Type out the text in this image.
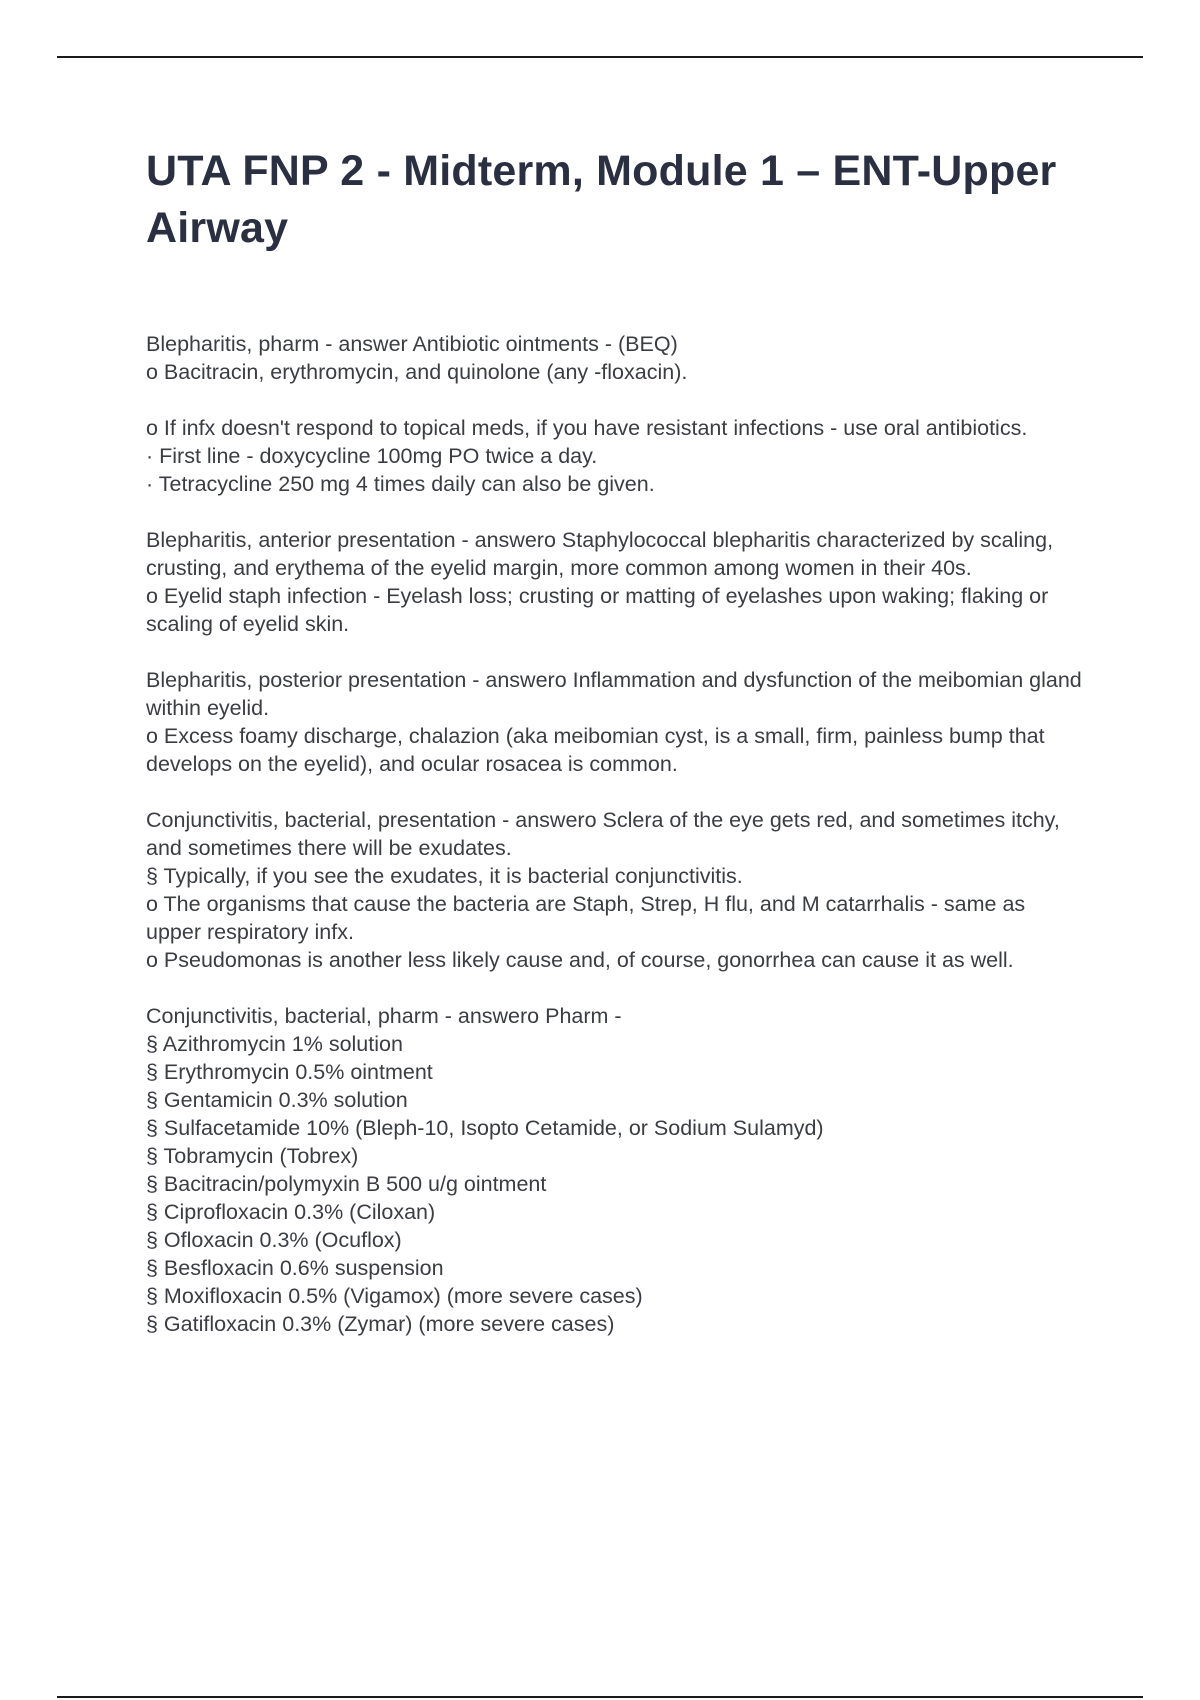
UTA FNP 2 - Midterm, Module 1 – ENT-Upper Airway
Blepharitis, pharm - answer Antibiotic ointments - (BEQ)
o Bacitracin, erythromycin, and quinolone (any -floxacin).
o If infx doesn't respond to topical meds, if you have resistant infections - use oral antibiotics.
· First line - doxycycline 100mg PO twice a day.
· Tetracycline 250 mg 4 times daily can also be given.
Blepharitis, anterior presentation - answero Staphylococcal blepharitis characterized by scaling, crusting, and erythema of the eyelid margin, more common among women in their 40s.
o Eyelid staph infection - Eyelash loss; crusting or matting of eyelashes upon waking; flaking or scaling of eyelid skin.
Blepharitis, posterior presentation - answero Inflammation and dysfunction of the meibomian gland within eyelid.
o Excess foamy discharge, chalazion (aka meibomian cyst, is a small, firm, painless bump that develops on the eyelid), and ocular rosacea is common.
Conjunctivitis, bacterial, presentation - answero Sclera of the eye gets red, and sometimes itchy, and sometimes there will be exudates.
§ Typically, if you see the exudates, it is bacterial conjunctivitis.
o The organisms that cause the bacteria are Staph, Strep, H flu, and M catarrhalis - same as upper respiratory infx.
o Pseudomonas is another less likely cause and, of course, gonorrhea can cause it as well.
Conjunctivitis, bacterial, pharm - answero Pharm -
§ Azithromycin 1% solution
§ Erythromycin 0.5% ointment
§ Gentamicin 0.3% solution
§ Sulfacetamide 10% (Bleph-10, Isopto Cetamide, or Sodium Sulamyd)
§ Tobramycin (Tobrex)
§ Bacitracin/polymyxin B 500 u/g ointment
§ Ciprofloxacin 0.3% (Ciloxan)
§ Ofloxacin 0.3% (Ocuflox)
§ Besfloxacin 0.6% suspension
§ Moxifloxacin 0.5% (Vigamox) (more severe cases)
§ Gatifloxacin 0.3% (Zymar) (more severe cases)
